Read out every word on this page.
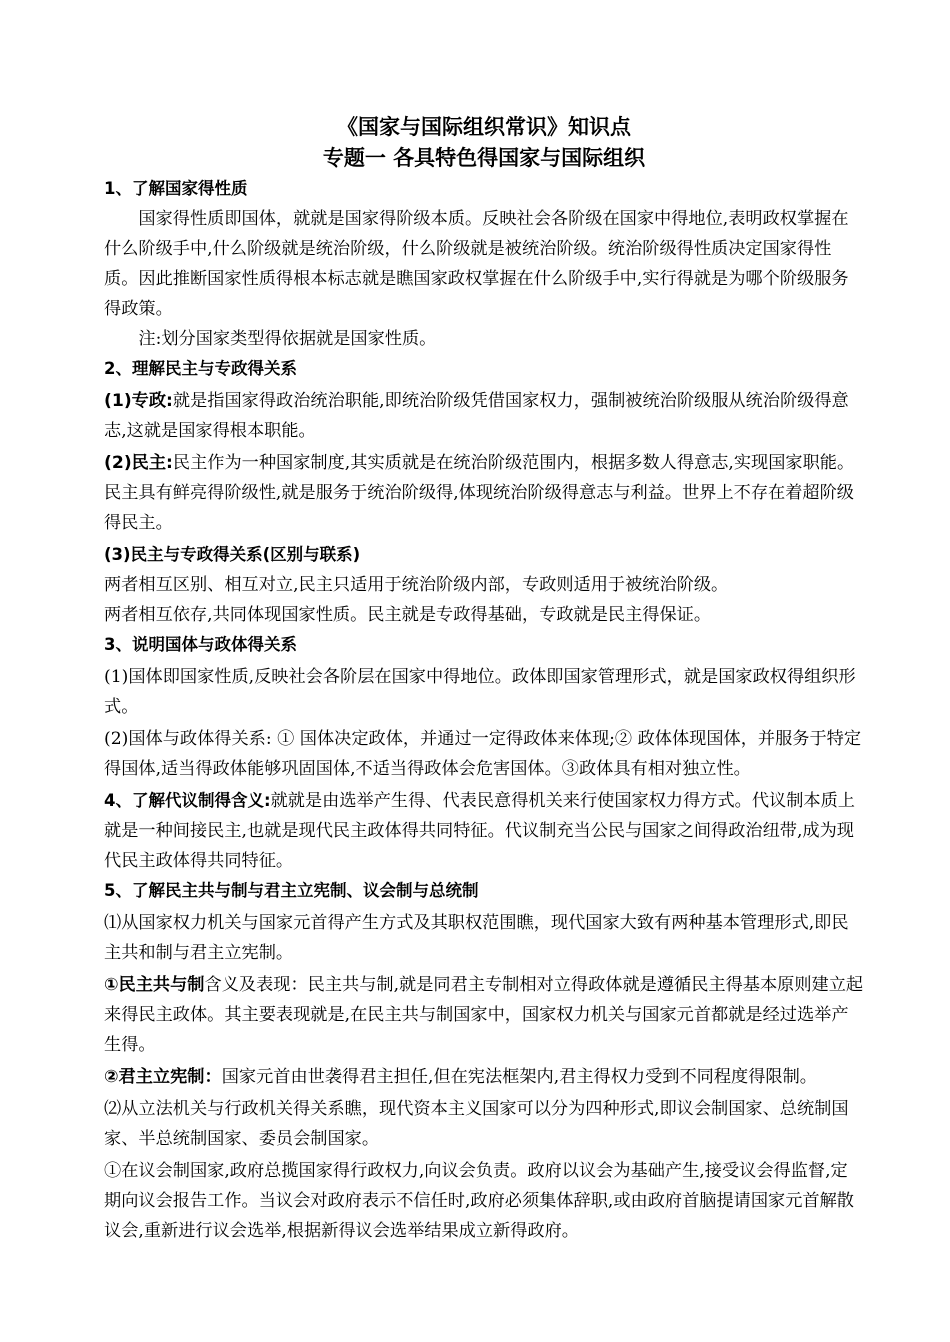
《国家与国际组织常识》知识点
专题一 各具特色得国家与国际组织

1、了解国家得性质

国家得性质即国体，就就是国家得阶级本质。反映社会各阶级在国家中得地位,表明政权掌握在什么阶级手中,什么阶级就是统治阶级，什么阶级就是被统治阶级。统治阶级得性质决定国家得性质。因此推断国家性质得根本标志就是瞧国家政权掌握在什么阶级手中,实行得就是为哪个阶级服务得政策。

注:划分国家类型得依据就是国家性质。

2、理解民主与专政得关系

(1)专政:就是指国家得政治统治职能,即统治阶级凭借国家权力，强制被统治阶级服从统治阶级得意志,这就是国家得根本职能。

(2)民主:民主作为一种国家制度,其实质就是在统治阶级范围内，根据多数人得意志,实现国家职能。民主具有鲜亮得阶级性,就是服务于统治阶级得,体现统治阶级得意志与利益。世界上不存在着超阶级得民主。

(3)民主与专政得关系(区别与联系)

两者相互区别、相互对立,民主只适用于统治阶级内部，专政则适用于被统治阶级。

两者相互依存,共同体现国家性质。民主就是专政得基础，专政就是民主得保证。

3、说明国体与政体得关系

(1)国体即国家性质,反映社会各阶层在国家中得地位。政体即国家管理形式，就是国家政权得组织形式。

(2)国体与政体得关系: ① 国体决定政体，并通过一定得政体来体现;② 政体体现国体，并服务于特定得国体,适当得政体能够巩固国体,不适当得政体会危害国体。③政体具有相对独立性。

4、了解代议制得含义:就就是由选举产生得、代表民意得机关来行使国家权力得方式。代议制本质上就是一种间接民主,也就是现代民主政体得共同特征。代议制充当公民与国家之间得政治纽带,成为现代民主政体得共同特征。

5、了解民主共与制与君主立宪制、议会制与总统制

⑴从国家权力机关与国家元首得产生方式及其职权范围瞧，现代国家大致有两种基本管理形式,即民主共和制与君主立宪制。

①民主共与制含义及表现：民主共与制,就是同君主专制相对立得政体就是遵循民主得基本原则建立起来得民主政体。其主要表现就是,在民主共与制国家中，国家权力机关与国家元首都就是经过选举产生得。

②君主立宪制：国家元首由世袭得君主担任,但在宪法框架内,君主得权力受到不同程度得限制。

⑵从立法机关与行政机关得关系瞧，现代资本主义国家可以分为四种形式,即议会制国家、总统制国家、半总统制国家、委员会制国家。

①在议会制国家,政府总揽国家得行政权力,向议会负责。政府以议会为基础产生,接受议会得监督,定期向议会报告工作。当议会对政府表示不信任时,政府必须集体辞职,或由政府首脑提请国家元首解散议会,重新进行议会选举,根据新得议会选举结果成立新得政府。
